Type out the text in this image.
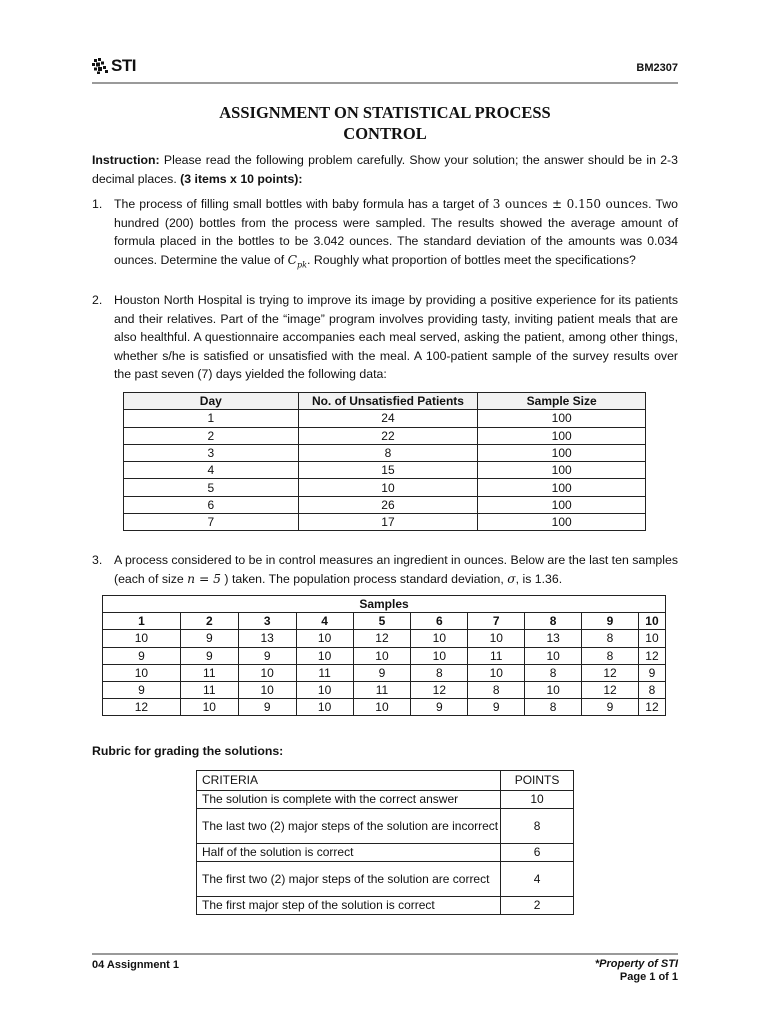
STI	BM2307
ASSIGNMENT ON STATISTICAL PROCESS
CONTROL
Instruction: Please read the following problem carefully. Show your solution; the answer should be in 2-3 decimal places. (3 items x 10 points):
1. The process of filling small bottles with baby formula has a target of 3 ounces ± 0.150 ounces. Two hundred (200) bottles from the process were sampled. The results showed the average amount of formula placed in the bottles to be 3.042 ounces. The standard deviation of the amounts was 0.034 ounces. Determine the value of $C_{pk}$. Roughly what proportion of bottles meet the specifications?
2. Houston North Hospital is trying to improve its image by providing a positive experience for its patients and their relatives. Part of the “image” program involves providing tasty, inviting patient meals that are also healthful. A questionnaire accompanies each meal served, asking the patient, among other things, whether s/he is satisfied or unsatisfied with the meal. A 100-patient sample of the survey results over the past seven (7) days yielded the following data:
Day	No. of Unsatisfied Patients	Sample Size
1	24	100
2	22	100
3	8	100
4	15	100
5	10	100
6	26	100
7	17	100
3. A process considered to be in control measures an ingredient in ounces. Below are the last ten samples (each of size n = 5 ) taken. The population process standard deviation, σ, is 1.36.
Samples									
1	2	3	4	5	6	7	8	9	10
10	9	13	10	12	10	10	13	8	10
9	9	9	10	10	10	11	10	8	12
10	11	10	11	9	8	10	8	12	9
9	11	10	10	11	12	8	10	12	8
12	10	9	10	10	9	9	8	9	12
Rubric for grading the solutions:
CRITERIA	POINTS
The solution is complete with the correct answer	10
The last two (2) major steps of the solution are incorrect	8
Half of the solution is correct	6
The first two (2) major steps of the solution are correct	4
The first major step of the solution is correct	2
04 Assignment 1	*Property of STI
Page 1 of 1
